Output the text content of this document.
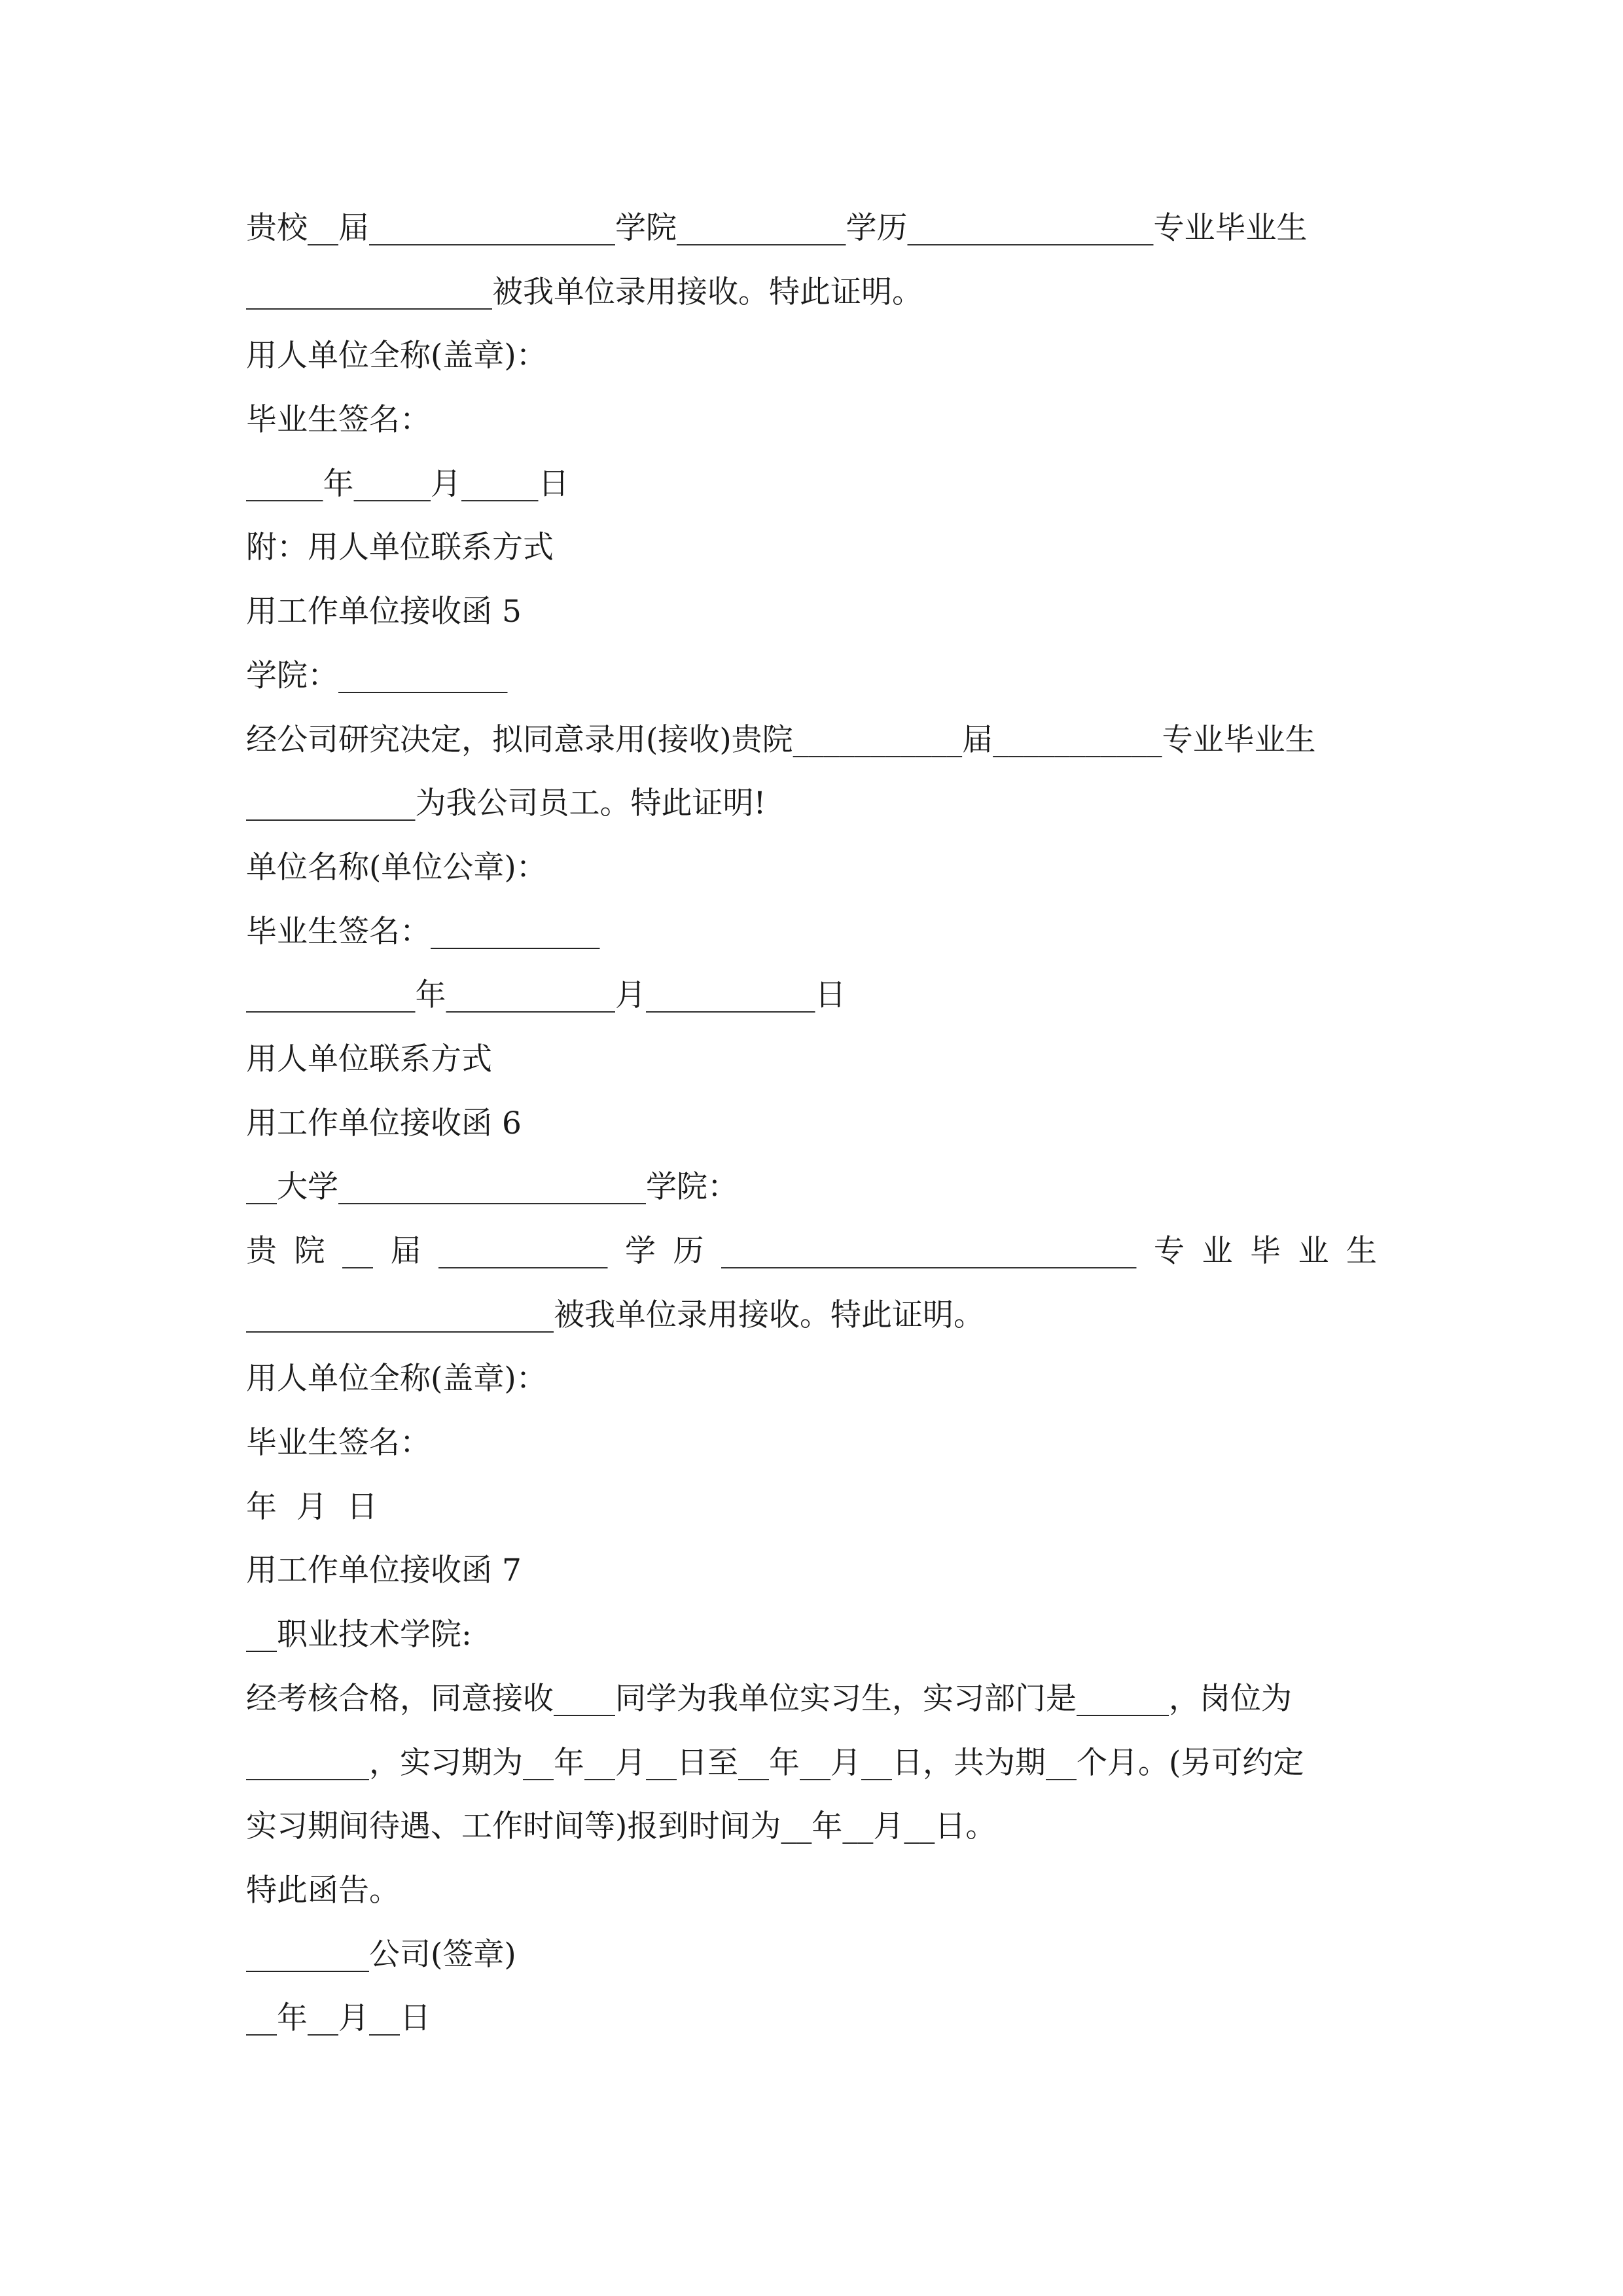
贵校__届________________学院___________学历________________专业毕业生
________________被我单位录用接收。特此证明。
用人单位全称(盖章)：
毕业生签名：
_____年_____月_____日
附：用人单位联系方式
用工作单位接收函 5
学院：___________
经公司研究决定，拟同意录用(接收)贵院___________届___________专业毕业生
___________为我公司员工。特此证明!
单位名称(单位公章)：
毕业生签名：___________
___________年___________月___________日
用人单位联系方式
用工作单位接收函 6
__大学____________________学院：
贵 院 __ 届 ___________ 学 历 ___________________________ 专 业 毕 业 生
____________________被我单位录用接收。特此证明。
用人单位全称(盖章)：
毕业生签名：
年  月  日
用工作单位接收函 7
__职业技术学院:
经考核合格，同意接收____同学为我单位实习生，实习部门是______，岗位为
________，实习期为__年__月__日至__年__月__日，共为期__个月。(另可约定
实习期间待遇、工作时间等)报到时间为__年__月__日。
特此函告。
________公司(签章)
__年__月__日
